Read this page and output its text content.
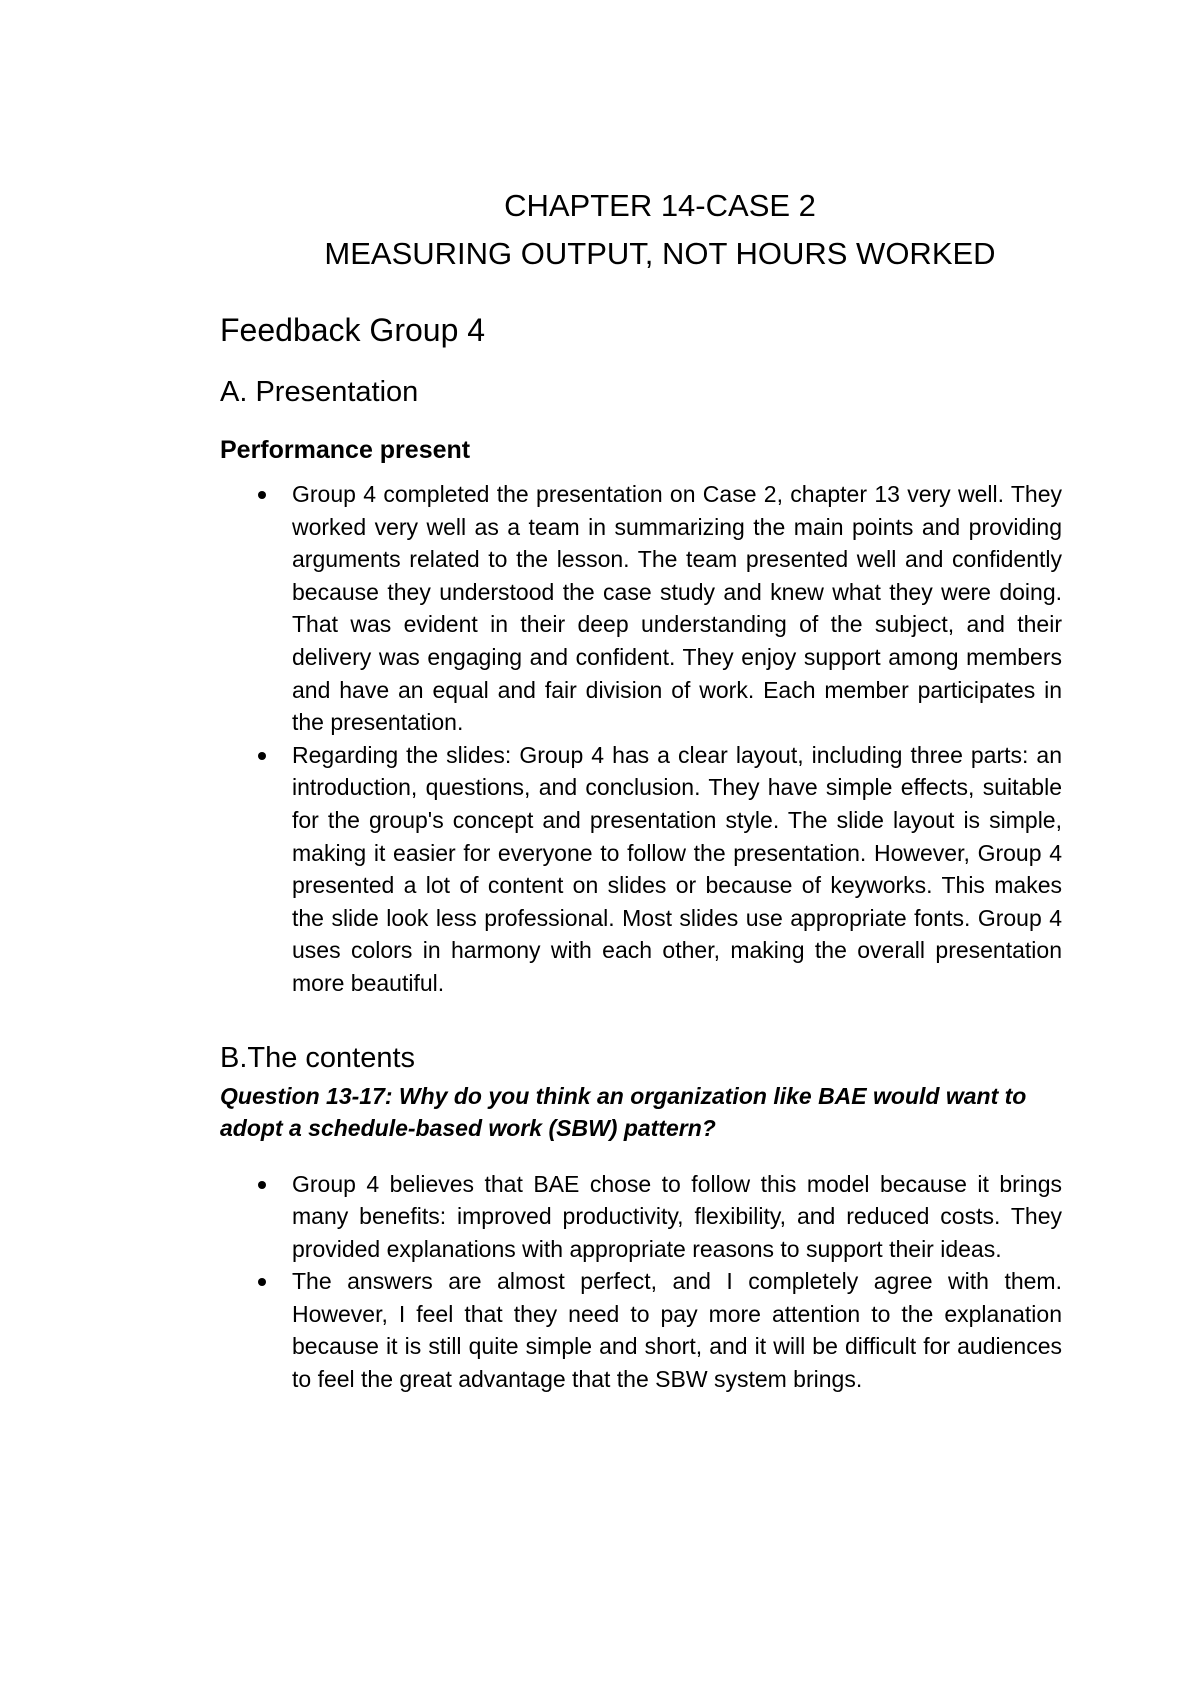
CHAPTER 14-CASE 2

MEASURING OUTPUT, NOT HOURS WORKED

Feedback Group 4
A. Presentation
Performance present
Group 4 completed the presentation on Case 2, chapter 13 very well. They worked very well as a team in summarizing the main points and providing arguments related to the lesson. The team presented well and confidently because they understood the case study and knew what they were doing. That was evident in their deep understanding of the subject, and their delivery was engaging and confident. They enjoy support among members and have an equal and fair division of work. Each member participates in the presentation.
Regarding the slides: Group 4 has a clear layout, including three parts: an introduction, questions, and conclusion. They have simple effects, suitable for the group's concept and presentation style. The slide layout is simple, making it easier for everyone to follow the presentation. However, Group 4 presented a lot of content on slides or because of keyworks. This makes the slide look less professional. Most slides use appropriate fonts. Group 4 uses colors in harmony with each other, making the overall presentation more beautiful.
B.The contents

Question 13-17: Why do you think an organization like BAE would want to adopt a schedule-based work (SBW) pattern?

Group 4 believes that BAE chose to follow this model because it brings many benefits: improved productivity, flexibility, and reduced costs. They provided explanations with appropriate reasons to support their ideas.
The answers are almost perfect, and I completely agree with them. However, I feel that they need to pay more attention to the explanation because it is still quite simple and short, and it will be difficult for audiences to feel the great advantage that the SBW system brings.
